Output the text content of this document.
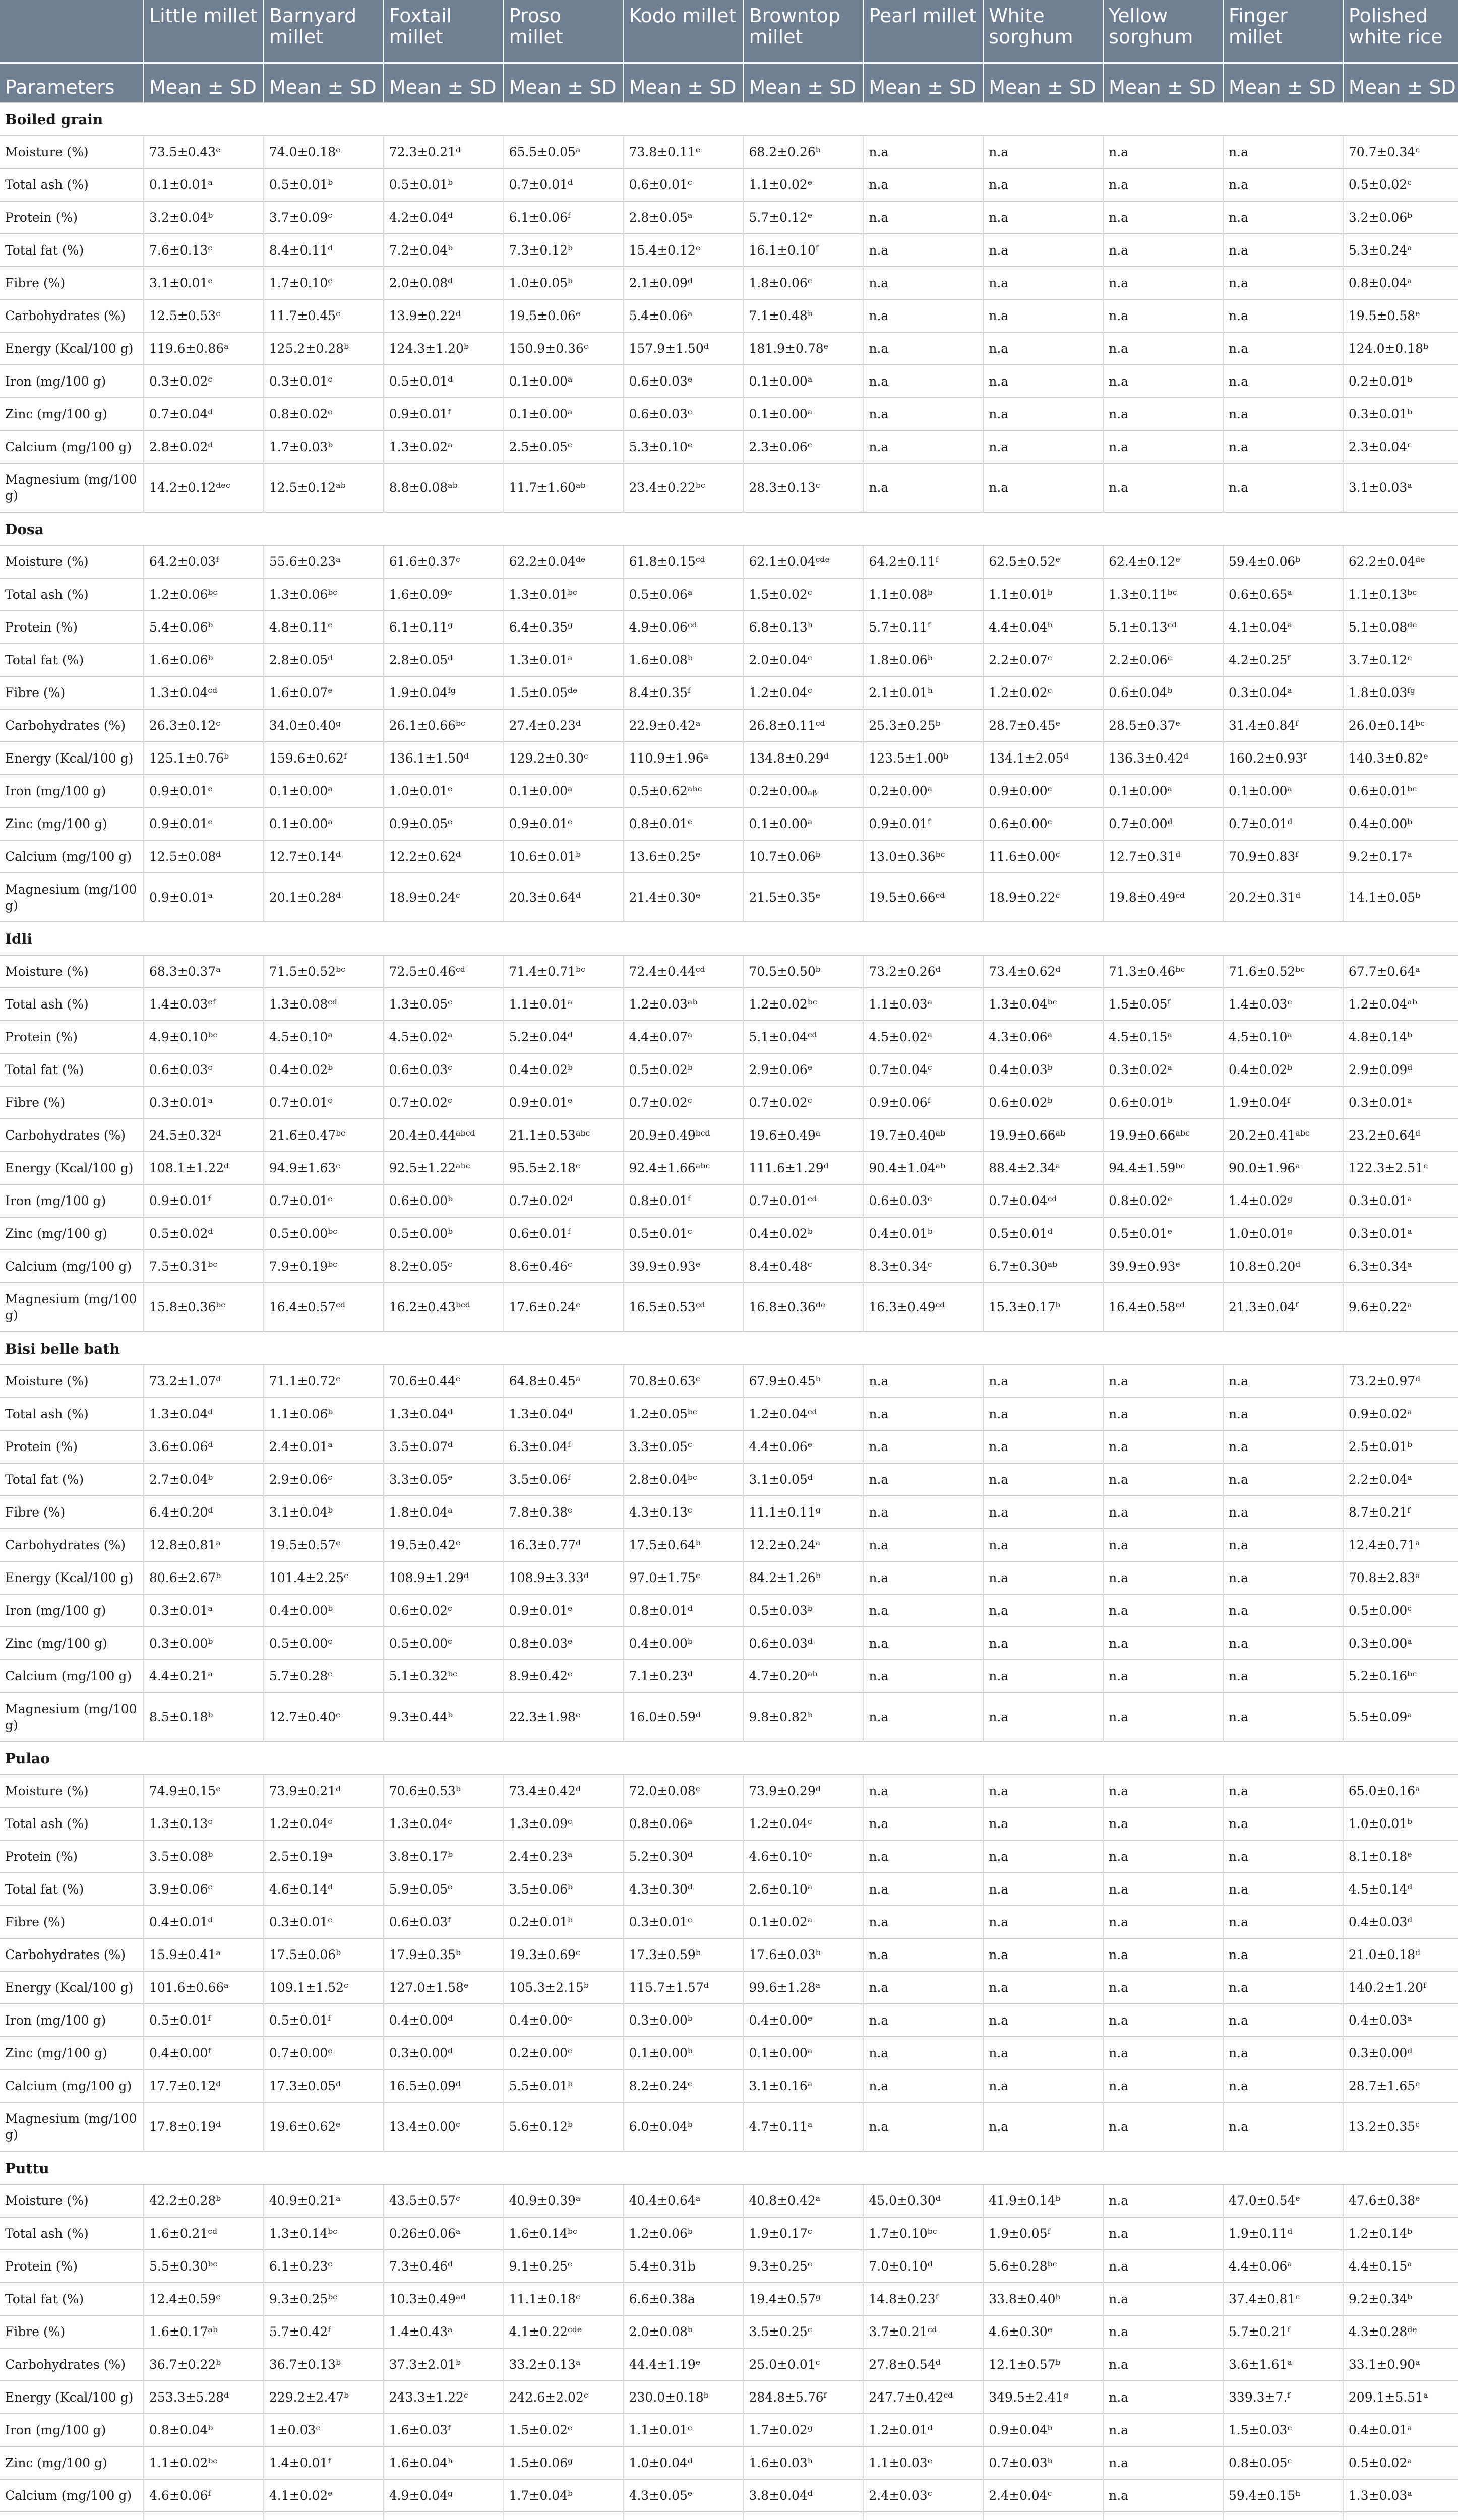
	Little millet	Barnyard millet	Foxtail millet	Proso millet	Kodo millet	Browntop millet	Pearl millet	White sorghum	Yellow sorghum	Finger millet	Polished white rice
Parameters	Mean ± SD	Mean ± SD	Mean ± SD	Mean ± SD	Mean ± SD	Mean ± SD	Mean ± SD	Mean ± SD	Mean ± SD	Mean ± SD	Mean ± SD
Boiled grain											
Moisture (%)	73.5±0.43ᵉ	74.0±0.18ᵉ	72.3±0.21ᵈ	65.5±0.05ᵃ	73.8±0.11ᵉ	68.2±0.26ᵇ	n.a	n.a	n.a	n.a	70.7±0.34ᶜ
Total ash (%)	0.1±0.01ᵃ	0.5±0.01ᵇ	0.5±0.01ᵇ	0.7±0.01ᵈ	0.6±0.01ᶜ	1.1±0.02ᵉ	n.a	n.a	n.a	n.a	0.5±0.02ᶜ
Protein (%)	3.2±0.04ᵇ	3.7±0.09ᶜ	4.2±0.04ᵈ	6.1±0.06ᶠ	2.8±0.05ᵃ	5.7±0.12ᵉ	n.a	n.a	n.a	n.a	3.2±0.06ᵇ
Total fat (%)	7.6±0.13ᶜ	8.4±0.11ᵈ	7.2±0.04ᵇ	7.3±0.12ᵇ	15.4±0.12ᵉ	16.1±0.10ᶠ	n.a	n.a	n.a	n.a	5.3±0.24ᵃ
Fibre (%)	3.1±0.01ᵉ	1.7±0.10ᶜ	2.0±0.08ᵈ	1.0±0.05ᵇ	2.1±0.09ᵈ	1.8±0.06ᶜ	n.a	n.a	n.a	n.a	0.8±0.04ᵃ
Carbohydrates (%)	12.5±0.53ᶜ	11.7±0.45ᶜ	13.9±0.22ᵈ	19.5±0.06ᵉ	5.4±0.06ᵃ	7.1±0.48ᵇ	n.a	n.a	n.a	n.a	19.5±0.58ᵉ
Energy (Kcal/100 g)	119.6±0.86ᵃ	125.2±0.28ᵇ	124.3±1.20ᵇ	150.9±0.36ᶜ	157.9±1.50ᵈ	181.9±0.78ᵉ	n.a	n.a	n.a	n.a	124.0±0.18ᵇ
Iron (mg/100 g)	0.3±0.02ᶜ	0.3±0.01ᶜ	0.5±0.01ᵈ	0.1±0.00ᵃ	0.6±0.03ᵉ	0.1±0.00ᵃ	n.a	n.a	n.a	n.a	0.2±0.01ᵇ
Zinc (mg/100 g)	0.7±0.04ᵈ	0.8±0.02ᵉ	0.9±0.01ᶠ	0.1±0.00ᵃ	0.6±0.03ᶜ	0.1±0.00ᵃ	n.a	n.a	n.a	n.a	0.3±0.01ᵇ
Calcium (mg/100 g)	2.8±0.02ᵈ	1.7±0.03ᵇ	1.3±0.02ᵃ	2.5±0.05ᶜ	5.3±0.10ᵉ	2.3±0.06ᶜ	n.a	n.a	n.a	n.a	2.3±0.04ᶜ
Magnesium (mg/100 g)	14.2±0.12ᵈᵉᶜ	12.5±0.12ᵃᵇ	8.8±0.08ᵃᵇ	11.7±1.60ᵃᵇ	23.4±0.22ᵇᶜ	28.3±0.13ᶜ	n.a	n.a	n.a	n.a	3.1±0.03ᵃ
Dosa											
Moisture (%)	64.2±0.03ᶠ	55.6±0.23ᵃ	61.6±0.37ᶜ	62.2±0.04ᵈᵉ	61.8±0.15ᶜᵈ	62.1±0.04ᶜᵈᵉ	64.2±0.11ᶠ	62.5±0.52ᵉ	62.4±0.12ᵉ	59.4±0.06ᵇ	62.2±0.04ᵈᵉ
Total ash (%)	1.2±0.06ᵇᶜ	1.3±0.06ᵇᶜ	1.6±0.09ᶜ	1.3±0.01ᵇᶜ	0.5±0.06ᵃ	1.5±0.02ᶜ	1.1±0.08ᵇ	1.1±0.01ᵇ	1.3±0.11ᵇᶜ	0.6±0.65ᵃ	1.1±0.13ᵇᶜ
Protein (%)	5.4±0.06ᵇ	4.8±0.11ᶜ	6.1±0.11ᵍ	6.4±0.35ᵍ	4.9±0.06ᶜᵈ	6.8±0.13ʰ	5.7±0.11ᶠ	4.4±0.04ᵇ	5.1±0.13ᶜᵈ	4.1±0.04ᵃ	5.1±0.08ᵈᵉ
Total fat (%)	1.6±0.06ᵇ	2.8±0.05ᵈ	2.8±0.05ᵈ	1.3±0.01ᵃ	1.6±0.08ᵇ	2.0±0.04ᶜ	1.8±0.06ᵇ	2.2±0.07ᶜ	2.2±0.06ᶜ	4.2±0.25ᶠ	3.7±0.12ᵉ
Fibre (%)	1.3±0.04ᶜᵈ	1.6±0.07ᵉ	1.9±0.04ᶠᵍ	1.5±0.05ᵈᵉ	8.4±0.35ᶠ	1.2±0.04ᶜ	2.1±0.01ʰ	1.2±0.02ᶜ	0.6±0.04ᵇ	0.3±0.04ᵃ	1.8±0.03ᶠᵍ
Carbohydrates (%)	26.3±0.12ᶜ	34.0±0.40ᵍ	26.1±0.66ᵇᶜ	27.4±0.23ᵈ	22.9±0.42ᵃ	26.8±0.11ᶜᵈ	25.3±0.25ᵇ	28.7±0.45ᵉ	28.5±0.37ᵉ	31.4±0.84ᶠ	26.0±0.14ᵇᶜ
Energy (Kcal/100 g)	125.1±0.76ᵇ	159.6±0.62ᶠ	136.1±1.50ᵈ	129.2±0.30ᶜ	110.9±1.96ᵃ	134.8±0.29ᵈ	123.5±1.00ᵇ	134.1±2.05ᵈ	136.3±0.42ᵈ	160.2±0.93ᶠ	140.3±0.82ᵉ
Iron (mg/100 g)	0.9±0.01ᵉ	0.1±0.00ᵃ	1.0±0.01ᵉ	0.1±0.00ᵃ	0.5±0.62ᵃᵇᶜ	0.2±0.00ₐᵦ	0.2±0.00ᵃ	0.9±0.00ᶜ	0.1±0.00ᵃ	0.1±0.00ᵃ	0.6±0.01ᵇᶜ
Zinc (mg/100 g)	0.9±0.01ᵉ	0.1±0.00ᵃ	0.9±0.05ᵉ	0.9±0.01ᵉ	0.8±0.01ᵉ	0.1±0.00ᵃ	0.9±0.01ᶠ	0.6±0.00ᶜ	0.7±0.00ᵈ	0.7±0.01ᵈ	0.4±0.00ᵇ
Calcium (mg/100 g)	12.5±0.08ᵈ	12.7±0.14ᵈ	12.2±0.62ᵈ	10.6±0.01ᵇ	13.6±0.25ᵉ	10.7±0.06ᵇ	13.0±0.36ᵇᶜ	11.6±0.00ᶜ	12.7±0.31ᵈ	70.9±0.83ᶠ	9.2±0.17ᵃ
Magnesium (mg/100 g)	0.9±0.01ᵃ	20.1±0.28ᵈ	18.9±0.24ᶜ	20.3±0.64ᵈ	21.4±0.30ᵉ	21.5±0.35ᵉ	19.5±0.66ᶜᵈ	18.9±0.22ᶜ	19.8±0.49ᶜᵈ	20.2±0.31ᵈ	14.1±0.05ᵇ
Idli											
Moisture (%)	68.3±0.37ᵃ	71.5±0.52ᵇᶜ	72.5±0.46ᶜᵈ	71.4±0.71ᵇᶜ	72.4±0.44ᶜᵈ	70.5±0.50ᵇ	73.2±0.26ᵈ	73.4±0.62ᵈ	71.3±0.46ᵇᶜ	71.6±0.52ᵇᶜ	67.7±0.64ᵃ
Total ash (%)	1.4±0.03ᵉᶠ	1.3±0.08ᶜᵈ	1.3±0.05ᶜ	1.1±0.01ᵃ	1.2±0.03ᵃᵇ	1.2±0.02ᵇᶜ	1.1±0.03ᵃ	1.3±0.04ᵇᶜ	1.5±0.05ᶠ	1.4±0.03ᵉ	1.2±0.04ᵃᵇ
Protein (%)	4.9±0.10ᵇᶜ	4.5±0.10ᵃ	4.5±0.02ᵃ	5.2±0.04ᵈ	4.4±0.07ᵃ	5.1±0.04ᶜᵈ	4.5±0.02ᵃ	4.3±0.06ᵃ	4.5±0.15ᵃ	4.5±0.10ᵃ	4.8±0.14ᵇ
Total fat (%)	0.6±0.03ᶜ	0.4±0.02ᵇ	0.6±0.03ᶜ	0.4±0.02ᵇ	0.5±0.02ᵇ	2.9±0.06ᵉ	0.7±0.04ᶜ	0.4±0.03ᵇ	0.3±0.02ᵃ	0.4±0.02ᵇ	2.9±0.09ᵈ
Fibre (%)	0.3±0.01ᵃ	0.7±0.01ᶜ	0.7±0.02ᶜ	0.9±0.01ᵉ	0.7±0.02ᶜ	0.7±0.02ᶜ	0.9±0.06ᶠ	0.6±0.02ᵇ	0.6±0.01ᵇ	1.9±0.04ᶠ	0.3±0.01ᵃ
Carbohydrates (%)	24.5±0.32ᵈ	21.6±0.47ᵇᶜ	20.4±0.44ᵃᵇᶜᵈ	21.1±0.53ᵃᵇᶜ	20.9±0.49ᵇᶜᵈ	19.6±0.49ᵃ	19.7±0.40ᵃᵇ	19.9±0.66ᵃᵇ	19.9±0.66ᵃᵇᶜ	20.2±0.41ᵃᵇᶜ	23.2±0.64ᵈ
Energy (Kcal/100 g)	108.1±1.22ᵈ	94.9±1.63ᶜ	92.5±1.22ᵃᵇᶜ	95.5±2.18ᶜ	92.4±1.66ᵃᵇᶜ	111.6±1.29ᵈ	90.4±1.04ᵃᵇ	88.4±2.34ᵃ	94.4±1.59ᵇᶜ	90.0±1.96ᵃ	122.3±2.51ᵉ
Iron (mg/100 g)	0.9±0.01ᶠ	0.7±0.01ᵉ	0.6±0.00ᵇ	0.7±0.02ᵈ	0.8±0.01ᶠ	0.7±0.01ᶜᵈ	0.6±0.03ᶜ	0.7±0.04ᶜᵈ	0.8±0.02ᵉ	1.4±0.02ᵍ	0.3±0.01ᵃ
Zinc (mg/100 g)	0.5±0.02ᵈ	0.5±0.00ᵇᶜ	0.5±0.00ᵇ	0.6±0.01ᶠ	0.5±0.01ᶜ	0.4±0.02ᵇ	0.4±0.01ᵇ	0.5±0.01ᵈ	0.5±0.01ᵉ	1.0±0.01ᵍ	0.3±0.01ᵃ
Calcium (mg/100 g)	7.5±0.31ᵇᶜ	7.9±0.19ᵇᶜ	8.2±0.05ᶜ	8.6±0.46ᶜ	39.9±0.93ᵉ	8.4±0.48ᶜ	8.3±0.34ᶜ	6.7±0.30ᵃᵇ	39.9±0.93ᵉ	10.8±0.20ᵈ	6.3±0.34ᵃ
Magnesium (mg/100 g)	15.8±0.36ᵇᶜ	16.4±0.57ᶜᵈ	16.2±0.43ᵇᶜᵈ	17.6±0.24ᵉ	16.5±0.53ᶜᵈ	16.8±0.36ᵈᵉ	16.3±0.49ᶜᵈ	15.3±0.17ᵇ	16.4±0.58ᶜᵈ	21.3±0.04ᶠ	9.6±0.22ᵃ
Bisi belle bath											
Moisture (%)	73.2±1.07ᵈ	71.1±0.72ᶜ	70.6±0.44ᶜ	64.8±0.45ᵃ	70.8±0.63ᶜ	67.9±0.45ᵇ	n.a	n.a	n.a	n.a	73.2±0.97ᵈ
Total ash (%)	1.3±0.04ᵈ	1.1±0.06ᵇ	1.3±0.04ᵈ	1.3±0.04ᵈ	1.2±0.05ᵇᶜ	1.2±0.04ᶜᵈ	n.a	n.a	n.a	n.a	0.9±0.02ᵃ
Protein (%)	3.6±0.06ᵈ	2.4±0.01ᵃ	3.5±0.07ᵈ	6.3±0.04ᶠ	3.3±0.05ᶜ	4.4±0.06ᵉ	n.a	n.a	n.a	n.a	2.5±0.01ᵇ
Total fat (%)	2.7±0.04ᵇ	2.9±0.06ᶜ	3.3±0.05ᵉ	3.5±0.06ᶠ	2.8±0.04ᵇᶜ	3.1±0.05ᵈ	n.a	n.a	n.a	n.a	2.2±0.04ᵃ
Fibre (%)	6.4±0.20ᵈ	3.1±0.04ᵇ	1.8±0.04ᵃ	7.8±0.38ᵉ	4.3±0.13ᶜ	11.1±0.11ᵍ	n.a	n.a	n.a	n.a	8.7±0.21ᶠ
Carbohydrates (%)	12.8±0.81ᵃ	19.5±0.57ᵉ	19.5±0.42ᵉ	16.3±0.77ᵈ	17.5±0.64ᵇ	12.2±0.24ᵃ	n.a	n.a	n.a	n.a	12.4±0.71ᵃ
Energy (Kcal/100 g)	80.6±2.67ᵇ	101.4±2.25ᶜ	108.9±1.29ᵈ	108.9±3.33ᵈ	97.0±1.75ᶜ	84.2±1.26ᵇ	n.a	n.a	n.a	n.a	70.8±2.83ᵃ
Iron (mg/100 g)	0.3±0.01ᵃ	0.4±0.00ᵇ	0.6±0.02ᶜ	0.9±0.01ᵉ	0.8±0.01ᵈ	0.5±0.03ᵇ	n.a	n.a	n.a	n.a	0.5±0.00ᶜ
Zinc (mg/100 g)	0.3±0.00ᵇ	0.5±0.00ᶜ	0.5±0.00ᶜ	0.8±0.03ᵉ	0.4±0.00ᵇ	0.6±0.03ᵈ	n.a	n.a	n.a	n.a	0.3±0.00ᵃ
Calcium (mg/100 g)	4.4±0.21ᵃ	5.7±0.28ᶜ	5.1±0.32ᵇᶜ	8.9±0.42ᵉ	7.1±0.23ᵈ	4.7±0.20ᵃᵇ	n.a	n.a	n.a	n.a	5.2±0.16ᵇᶜ
Magnesium (mg/100 g)	8.5±0.18ᵇ	12.7±0.40ᶜ	9.3±0.44ᵇ	22.3±1.98ᵉ	16.0±0.59ᵈ	9.8±0.82ᵇ	n.a	n.a	n.a	n.a	5.5±0.09ᵃ
Pulao											
Moisture (%)	74.9±0.15ᵉ	73.9±0.21ᵈ	70.6±0.53ᵇ	73.4±0.42ᵈ	72.0±0.08ᶜ	73.9±0.29ᵈ	n.a	n.a	n.a	n.a	65.0±0.16ᵃ
Total ash (%)	1.3±0.13ᶜ	1.2±0.04ᶜ	1.3±0.04ᶜ	1.3±0.09ᶜ	0.8±0.06ᵃ	1.2±0.04ᶜ	n.a	n.a	n.a	n.a	1.0±0.01ᵇ
Protein (%)	3.5±0.08ᵇ	2.5±0.19ᵃ	3.8±0.17ᵇ	2.4±0.23ᵃ	5.2±0.30ᵈ	4.6±0.10ᶜ	n.a	n.a	n.a	n.a	8.1±0.18ᵉ
Total fat (%)	3.9±0.06ᶜ	4.6±0.14ᵈ	5.9±0.05ᵉ	3.5±0.06ᵇ	4.3±0.30ᵈ	2.6±0.10ᵃ	n.a	n.a	n.a	n.a	4.5±0.14ᵈ
Fibre (%)	0.4±0.01ᵈ	0.3±0.01ᶜ	0.6±0.03ᶠ	0.2±0.01ᵇ	0.3±0.01ᶜ	0.1±0.02ᵃ	n.a	n.a	n.a	n.a	0.4±0.03ᵈ
Carbohydrates (%)	15.9±0.41ᵃ	17.5±0.06ᵇ	17.9±0.35ᵇ	19.3±0.69ᶜ	17.3±0.59ᵇ	17.6±0.03ᵇ	n.a	n.a	n.a	n.a	21.0±0.18ᵈ
Energy (Kcal/100 g)	101.6±0.66ᵃ	109.1±1.52ᶜ	127.0±1.58ᵉ	105.3±2.15ᵇ	115.7±1.57ᵈ	99.6±1.28ᵃ	n.a	n.a	n.a	n.a	140.2±1.20ᶠ
Iron (mg/100 g)	0.5±0.01ᶠ	0.5±0.01ᶠ	0.4±0.00ᵈ	0.4±0.00ᶜ	0.3±0.00ᵇ	0.4±0.00ᵉ	n.a	n.a	n.a	n.a	0.4±0.03ᵃ
Zinc (mg/100 g)	0.4±0.00ᶠ	0.7±0.00ᵉ	0.3±0.00ᵈ	0.2±0.00ᶜ	0.1±0.00ᵇ	0.1±0.00ᵃ	n.a	n.a	n.a	n.a	0.3±0.00ᵈ
Calcium (mg/100 g)	17.7±0.12ᵈ	17.3±0.05ᵈ	16.5±0.09ᵈ	5.5±0.01ᵇ	8.2±0.24ᶜ	3.1±0.16ᵃ	n.a	n.a	n.a	n.a	28.7±1.65ᵉ
Magnesium (mg/100 g)	17.8±0.19ᵈ	19.6±0.62ᵉ	13.4±0.00ᶜ	5.6±0.12ᵇ	6.0±0.04ᵇ	4.7±0.11ᵃ	n.a	n.a	n.a	n.a	13.2±0.35ᶜ
Puttu											
Moisture (%)	42.2±0.28ᵇ	40.9±0.21ᵃ	43.5±0.57ᶜ	40.9±0.39ᵃ	40.4±0.64ᵃ	40.8±0.42ᵃ	45.0±0.30ᵈ	41.9±0.14ᵇ	n.a	47.0±0.54ᵉ	47.6±0.38ᵉ
Total ash (%)	1.6±0.21ᶜᵈ	1.3±0.14ᵇᶜ	0.26±0.06ᵃ	1.6±0.14ᵇᶜ	1.2±0.06ᵇ	1.9±0.17ᶜ	1.7±0.10ᵇᶜ	1.9±0.05ᶠ	n.a	1.9±0.11ᵈ	1.2±0.14ᵇ
Protein (%)	5.5±0.30ᵇᶜ	6.1±0.23ᶜ	7.3±0.46ᵈ	9.1±0.25ᵉ	5.4±0.31b	9.3±0.25ᵉ	7.0±0.10ᵈ	5.6±0.28ᵇᶜ	n.a	4.4±0.06ᵃ	4.4±0.15ᵃ
Total fat (%)	12.4±0.59ᶜ	9.3±0.25ᵇᶜ	10.3±0.49ᵃᵈ	11.1±0.18ᶜ	6.6±0.38a	19.4±0.57ᵍ	14.8±0.23ᶠ	33.8±0.40ʰ	n.a	37.4±0.81ᶜ	9.2±0.34ᵇ
Fibre (%)	1.6±0.17ᵃᵇ	5.7±0.42ᶠ	1.4±0.43ᵃ	4.1±0.22ᶜᵈᵉ	2.0±0.08ᵇ	3.5±0.25ᶜ	3.7±0.21ᶜᵈ	4.6±0.30ᵉ	n.a	5.7±0.21ᶠ	4.3±0.28ᵈᵉ
Carbohydrates (%)	36.7±0.22ᵇ	36.7±0.13ᵇ	37.3±2.01ᵇ	33.2±0.13ᵃ	44.4±1.19ᵉ	25.0±0.01ᶜ	27.8±0.54ᵈ	12.1±0.57ᵇ	n.a	3.6±1.61ᵃ	33.1±0.90ᵃ
Energy (Kcal/100 g)	253.3±5.28ᵈ	229.2±2.47ᵇ	243.3±1.22ᶜ	242.6±2.02ᶜ	230.0±0.18ᵇ	284.8±5.76ᶠ	247.7±0.42ᶜᵈ	349.5±2.41ᵍ	n.a	339.3±7.ᶠ	209.1±5.51ᵃ
Iron (mg/100 g)	0.8±0.04ᵇ	1±0.03ᶜ	1.6±0.03ᶠ	1.5±0.02ᵉ	1.1±0.01ᶜ	1.7±0.02ᵍ	1.2±0.01ᵈ	0.9±0.04ᵇ	n.a	1.5±0.03ᵉ	0.4±0.01ᵃ
Zinc (mg/100 g)	1.1±0.02ᵇᶜ	1.4±0.01ᶠ	1.6±0.04ʰ	1.5±0.06ᵍ	1.0±0.04ᵈ	1.6±0.03ʰ	1.1±0.03ᵉ	0.7±0.03ᵇ	n.a	0.8±0.05ᶜ	0.5±0.02ᵃ
Calcium (mg/100 g)	4.6±0.06ᶠ	4.1±0.02ᵉ	4.9±0.04ᵍ	1.7±0.04ᵇ	4.3±0.05ᵉ	3.8±0.04ᵈ	2.4±0.03ᶜ	2.4±0.04ᶜ	n.a	59.4±0.15ʰ	1.3±0.03ᵃ
